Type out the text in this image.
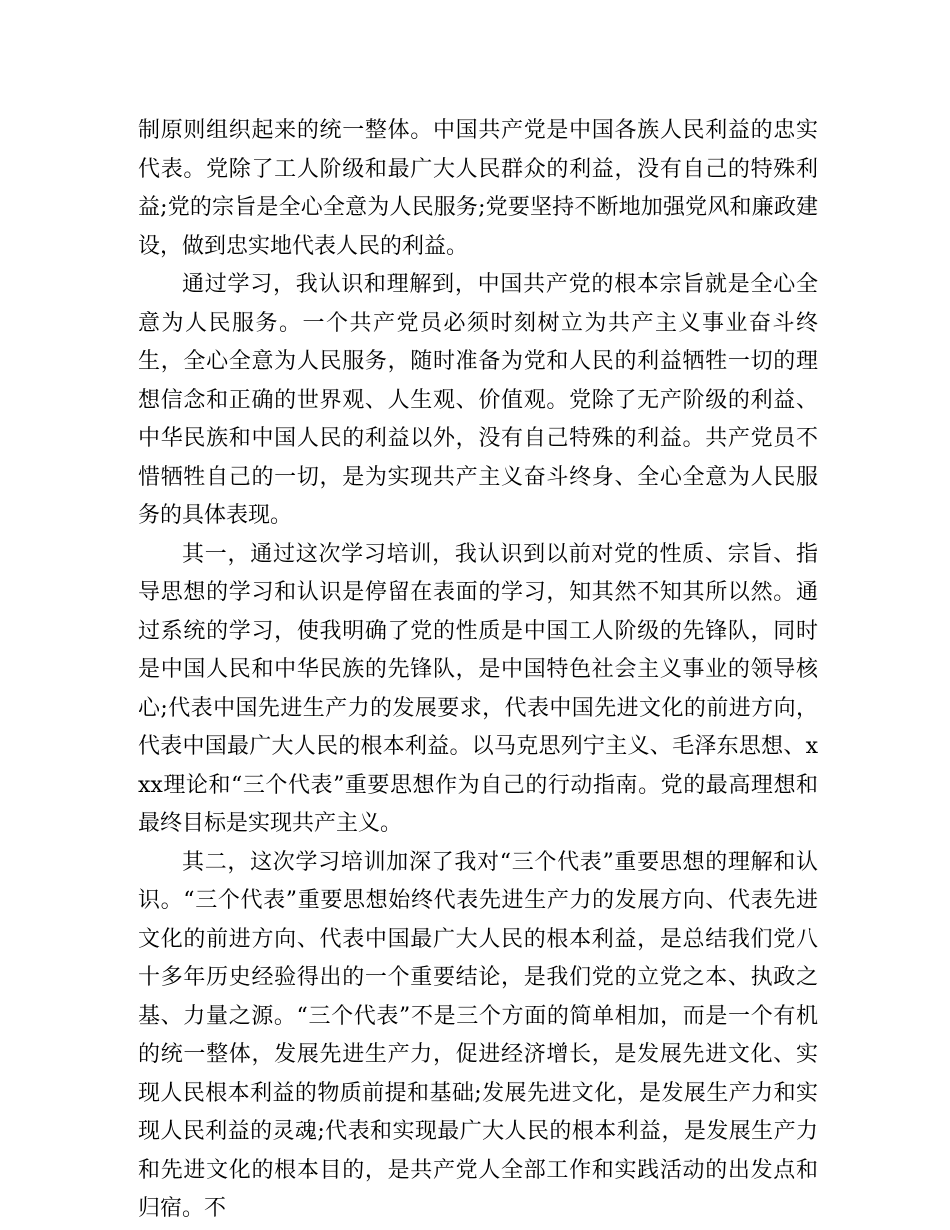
制原则组织起来的统一整体。中国共产党是中国各族人民利益的忠实代表。党除了工人阶级和最广大人民群众的利益，没有自己的特殊利益;党的宗旨是全心全意为人民服务;党要坚持不断地加强党风和廉政建设，做到忠实地代表人民的利益。

通过学习，我认识和理解到，中国共产党的根本宗旨就是全心全意为人民服务。一个共产党员必须时刻树立为共产主义事业奋斗终生，全心全意为人民服务，随时准备为党和人民的利益牺牲一切的理想信念和正确的世界观、人生观、价值观。党除了无产阶级的利益、中华民族和中国人民的利益以外，没有自己特殊的利益。共产党员不惜牺牲自己的一切，是为实现共产主义奋斗终身、全心全意为人民服务的具体表现。

其一，通过这次学习培训，我认识到以前对党的性质、宗旨、指导思想的学习和认识是停留在表面的学习，知其然不知其所以然。通过系统的学习，使我明确了党的性质是中国工人阶级的先锋队，同时是中国人民和中华民族的先锋队，是中国特色社会主义事业的领导核心;代表中国先进生产力的发展要求，代表中国先进文化的前进方向，代表中国最广大人民的根本利益。以马克思列宁主义、毛泽东思想、xxx理论和“三个代表”重要思想作为自己的行动指南。党的最高理想和最终目标是实现共产主义。

其二，这次学习培训加深了我对“三个代表”重要思想的理解和认识。“三个代表”重要思想始终代表先进生产力的发展方向、代表先进文化的前进方向、代表中国最广大人民的根本利益，是总结我们党八十多年历史经验得出的一个重要结论，是我们党的立党之本、执政之基、力量之源。“三个代表”不是三个方面的简单相加，而是一个有机的统一整体，发展先进生产力，促进经济增长，是发展先进文化、实现人民根本利益的物质前提和基础;发展先进文化，是发展生产力和实现人民利益的灵魂;代表和实现最广大人民的根本利益，是发展生产力和先进文化的根本目的，是共产党人全部工作和实践活动的出发点和归宿。不
